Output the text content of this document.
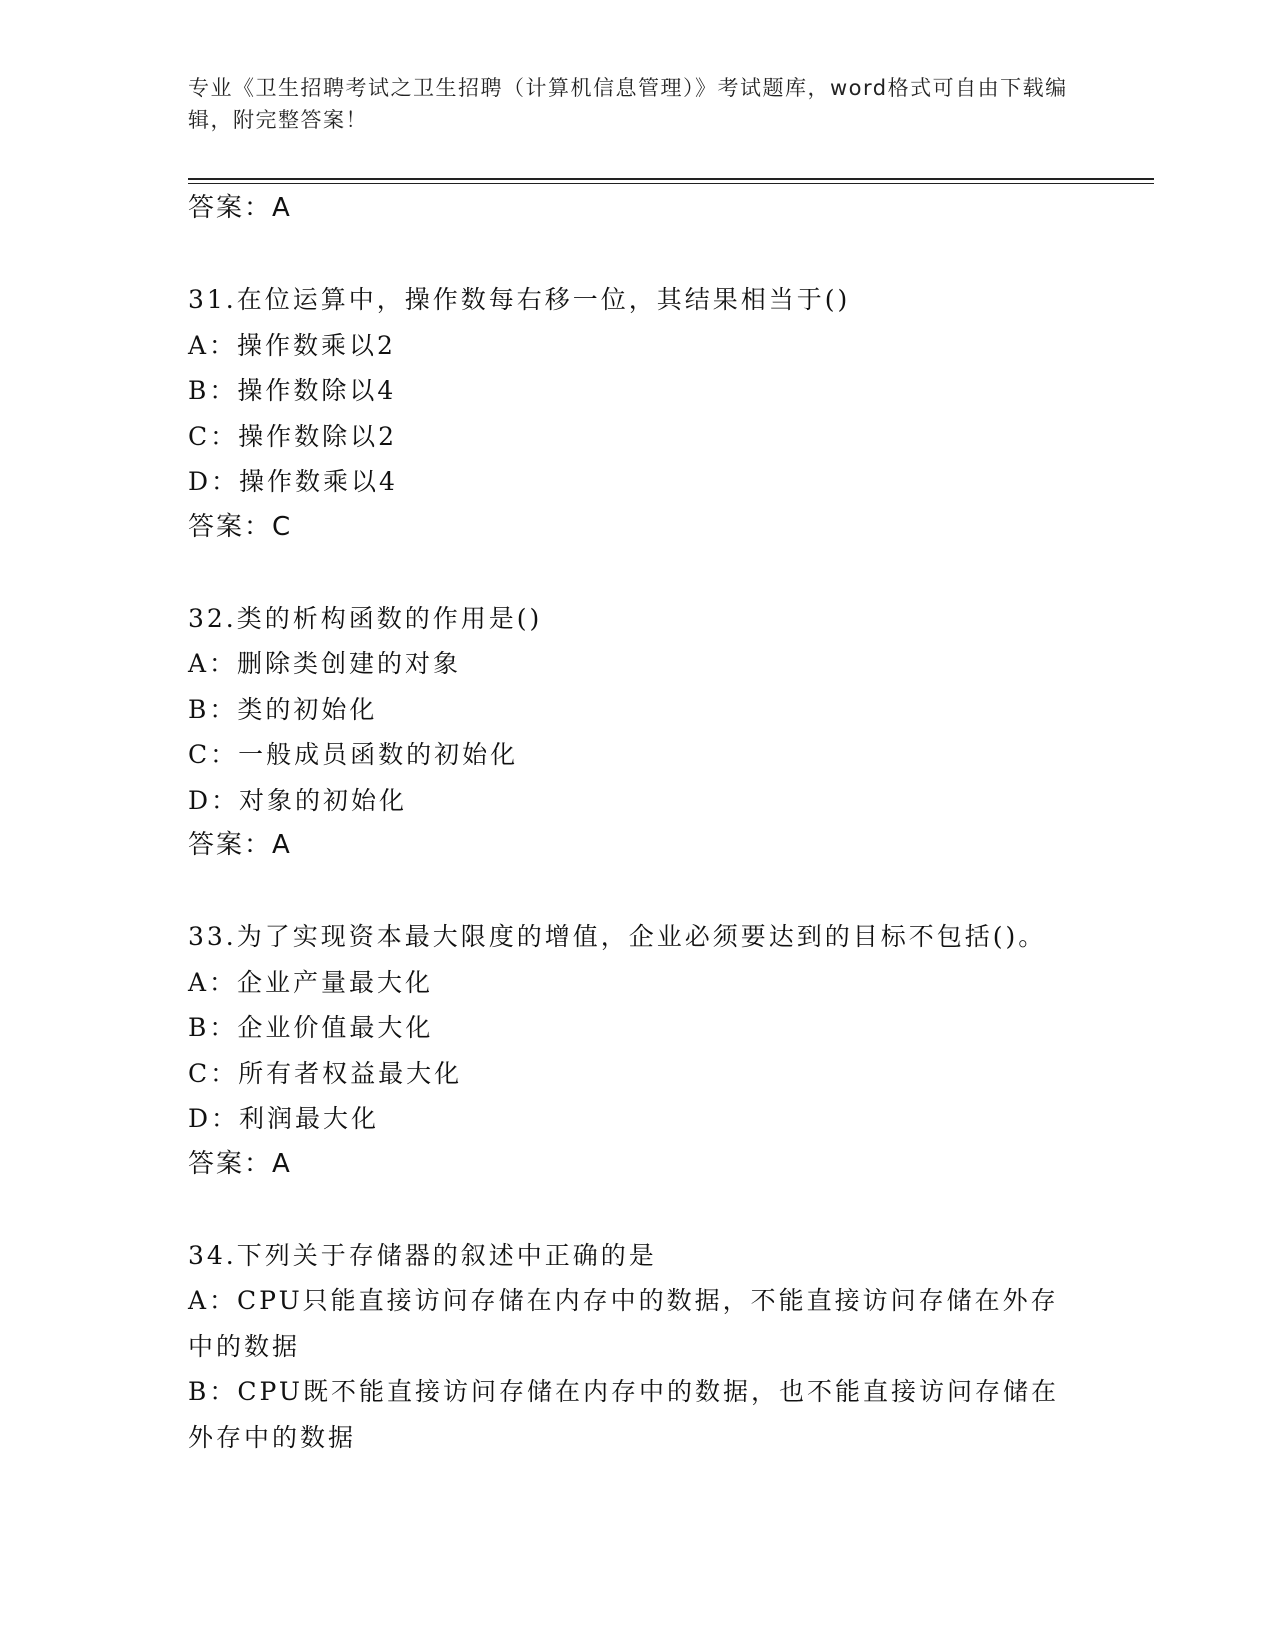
专业《卫生招聘考试之卫生招聘（计算机信息管理）》考试题库，word格式可自由下载编辑，附完整答案！
答案：A
31.在位运算中，操作数每右移一位，其结果相当于()
A：操作数乘以2
B：操作数除以4
C：操作数除以2
D：操作数乘以4
答案：C
32.类的析构函数的作用是()
A：删除类创建的对象
B：类的初始化
C：一般成员函数的初始化
D：对象的初始化
答案：A
33.为了实现资本最大限度的增值，企业必须要达到的目标不包括()。
A：企业产量最大化
B：企业价值最大化
C：所有者权益最大化
D：利润最大化
答案：A
34.下列关于存储器的叙述中正确的是
A：CPU只能直接访问存储在内存中的数据，不能直接访问存储在外存中的数据
B：CPU既不能直接访问存储在内存中的数据，也不能直接访问存储在外存中的数据
